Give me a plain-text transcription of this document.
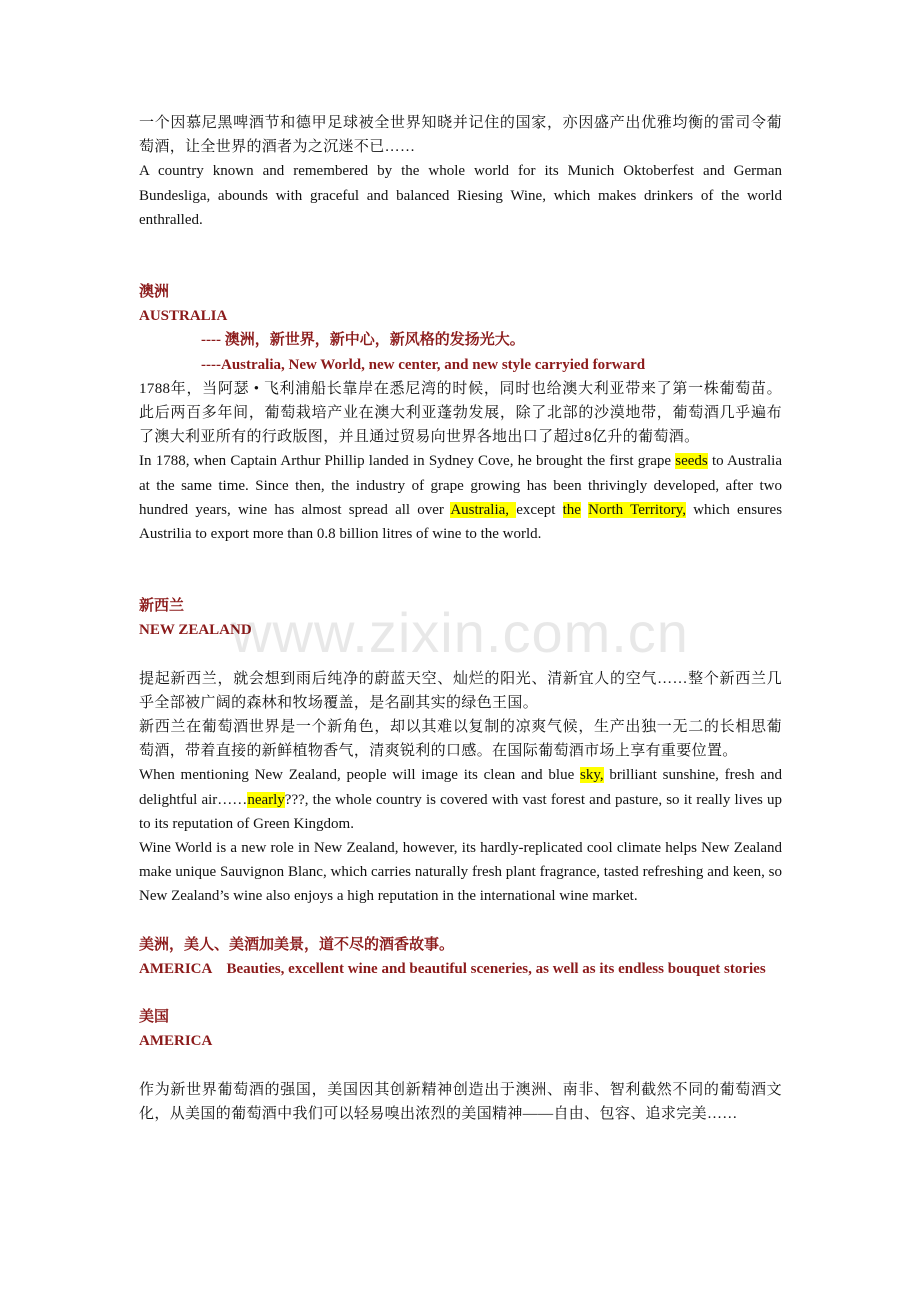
一个因慕尼黑啤酒节和德甲足球被全世界知晓并记住的国家，亦因盛产出优雅均衡的雷司令葡萄酒，让全世界的酒者为之沉迷不已……

A country known and remembered by the whole world for its Munich Oktoberfest and German Bundesliga, abounds with graceful and balanced Riesing Wine, which makes drinkers of the world enthralled.

澳洲

AUSTRALIA

---- 澳洲，新世界，新中心，新风格的发扬光大。

----Australia, New World, new center, and new style carryied forward

1788年，当阿瑟 • 飞利浦船长靠岸在悉尼湾的时候，同时也给澳大利亚带来了第一株葡萄苗。此后两百多年间，葡萄栽培产业在澳大利亚蓬勃发展，除了北部的沙漠地带，葡萄酒几乎遍布了澳大利亚所有的行政版图，并且通过贸易向世界各地出口了超过8亿升的葡萄酒。

In 1788, when Captain Arthur Phillip landed in Sydney Cove, he brought the first grape seeds to Australia at the same time. Since then, the industry of grape growing has been thrivingly developed, after two hundred years, wine has almost spread all over Australia, except the North Territory, which ensures Austrilia to export more than 0.8 billion litres of wine to the world.

新西兰

NEW ZEALAND

提起新西兰，就会想到雨后纯净的蔚蓝天空、灿烂的阳光、清新宜人的空气……整个新西兰几乎全部被广阔的森林和牧场覆盖，是名副其实的绿色王国。

新西兰在葡萄酒世界是一个新角色，却以其难以复制的凉爽气候，生产出独一无二的长相思葡萄酒，带着直接的新鲜植物香气，清爽锐利的口感。在国际葡萄酒市场上享有重要位置。

When mentioning New Zealand, people will image its clean and blue sky, brilliant sunshine, fresh and delightful air……nearly???, the whole country is covered with vast forest and pasture, so it really lives up to its reputation of Green Kingdom.

Wine World is a new role in New Zealand, however, its hardly-replicated cool climate helps New Zealand make unique Sauvignon Blanc, which carries naturally fresh plant fragrance, tasted refreshing and keen, so New Zealand’s wine also enjoys a high reputation in the international wine market.

美洲，美人、美酒加美景，道不尽的酒香故事。

AMERICA    Beauties, excellent wine and beautiful sceneries, as well as its endless bouquet stories

美国

AMERICA

作为新世界葡萄酒的强国，美国因其创新精神创造出于澳洲、南非、智利截然不同的葡萄酒文化，从美国的葡萄酒中我们可以轻易嗅出浓烈的美国精神——自由、包容、追求完美……

www.zixin.com.cn
